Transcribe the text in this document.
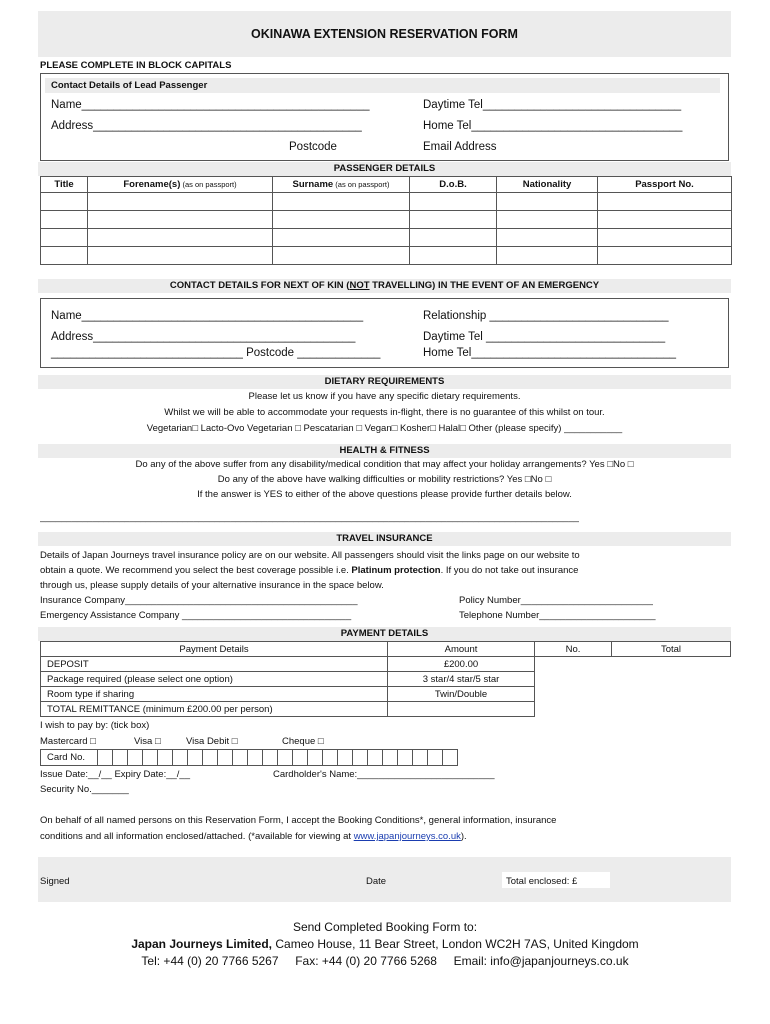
OKINAWA EXTENSION RESERVATION FORM
PLEASE COMPLETE IN BLOCK CAPITALS
Contact Details of Lead Passenger
Name_____________________________________________
Address__________________________________________
Postcode
Daytime Tel_______________________________
Home Tel_________________________________
Email Address
PASSENGER DETAILS
Title	Forename(s) (as on passport)	Surname (as on passport)	D.o.B.	Nationality	Passport No.

CONTACT DETAILS FOR NEXT OF KIN (NOT TRAVELLING) IN THE EVENT OF AN EMERGENCY
Name____________________________________________
Address_________________________________________
______________________________ Postcode _____________
Relationship ____________________________
Daytime Tel ____________________________
Home Tel________________________________
DIETARY REQUIREMENTS
Please let us know if you have any specific dietary requirements.
Whilst we will be able to accommodate your requests in-flight, there is no guarantee of this whilst on tour.
Vegetarian□ Lacto-Ovo Vegetarian □ Pescatarian □ Vegan□ Kosher□ Halal□ Other (please specify) ___________
HEALTH & FITNESS
Do any of the above suffer from any disability/medical condition that may affect your holiday arrangements? Yes □No □
Do any of the above have walking difficulties or mobility restrictions? Yes □No □
If the answer is YES to either of the above questions please provide further details below.
______________________________________________________________________________________________________
TRAVEL INSURANCE
Details of Japan Journeys travel insurance policy are on our website. All passengers should visit the links page on our website to
obtain a quote. We recommend you select the best coverage possible i.e. Platinum protection. If you do not take out insurance
through us, please supply details of your alternative insurance in the space below.
Insurance Company____________________________________________	Policy Number_________________________
Emergency Assistance Company ________________________________	Telephone Number______________________
PAYMENT DETAILS
Payment Details	Amount	No.	Total
DEPOSIT	£200.00		
Package required (please select one option)	3 star/4 star/5 star		
Room type if sharing	Twin/Double		
TOTAL REMITTANCE (minimum £200.00 per person)			
I wish to pay by: (tick box)
Mastercard □	Visa □	Visa Debit □	Cheque □
Card No.																								
Issue Date:__/__ Expiry Date:__/__	Cardholder's Name:__________________________
Security No._______
On behalf of all named persons on this Reservation Form, I accept the Booking Conditions*, general information, insurance
conditions and all information enclosed/attached. (*available for viewing at www.japanjourneys.co.uk).
Signed	Date	Total enclosed: £
Send Completed Booking Form to:
Japan Journeys Limited, Cameo House, 11 Bear Street, London WC2H 7AS, United Kingdom
Tel: +44 (0) 20 7766 5267     Fax: +44 (0) 20 7766 5268     Email: info@japanjourneys.co.uk
